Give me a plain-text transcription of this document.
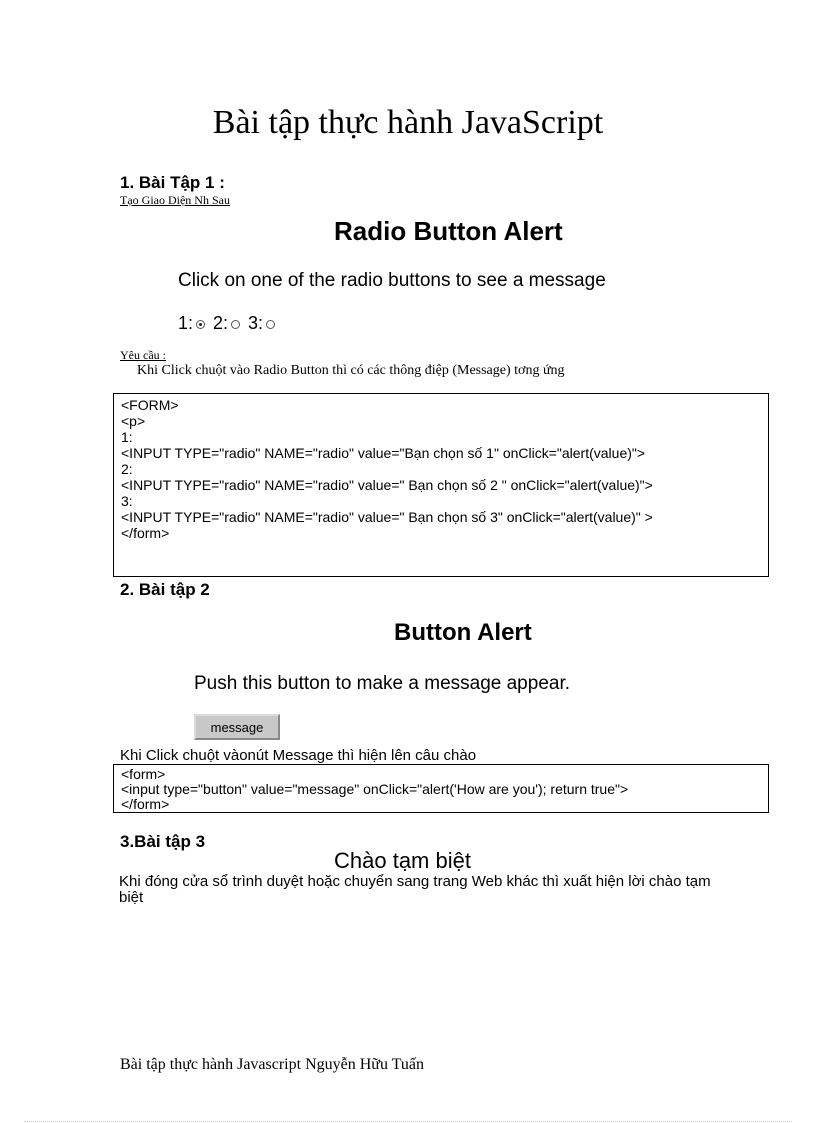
Bài tập thực hành JavaScript
1. Bài Tập 1 :
Tạo Giao Diện Nh Sau
Radio Button Alert
Click on one of the radio buttons to see a message
1: 2: 3:
Yêu cầu :
Khi Click chuột vào Radio Button thì có các thông điệp (Message) tơng ứng
<FORM>
<p>
1:
<INPUT TYPE="radio" NAME="radio" value="Bạn chọn số 1" onClick="alert(value)">
2:
<INPUT TYPE="radio" NAME="radio" value=" Bạn chọn số 2 " onClick="alert(value)">
3:
<INPUT TYPE="radio" NAME="radio" value=" Bạn chọn số 3" onClick="alert(value)" >
</form>
2. Bài tập 2
Button Alert
Push this button to make a message appear.
message
Khi Click chuột vàonút Message thì hiện lên câu chào
<form>
<input type="button" value="message" onClick="alert('How are you'); return true">
</form>
3.Bài tập 3
Chào tạm biệt
Khi đóng cửa sổ trình duyệt hoặc chuyển sang trang Web khác thì xuất hiện lời chào tạm biệt
Bài tập thực hành Javascript Nguyễn Hữu Tuấn
